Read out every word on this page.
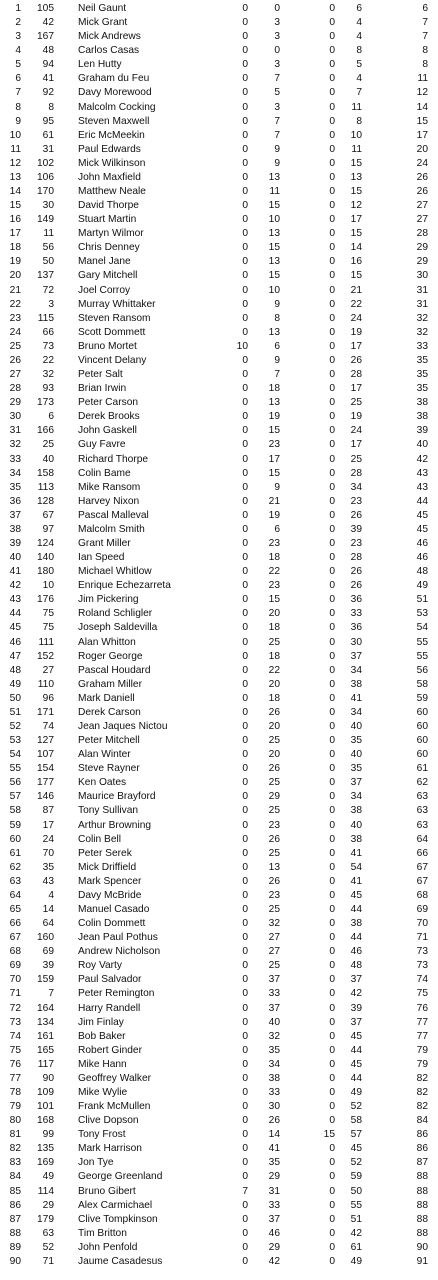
1	105 Neil Gaunt	0	0	0	6	6
2	42 Mick Grant	0	3	0	4	7
3	167 Mick Andrews	0	3	0	4	7
4	48 Carlos Casas	0	0	0	8	8
5	94 Len Hutty	0	3	0	5	8
6	41 Graham du Feu	0	7	0	4	11
7	92 Davy Morewood	0	5	0	7	12
8	8 Malcolm Cocking	0	3	0	11	14
9	95 Steven Maxwell	0	7	0	8	15
10	61 Eric McMeekin	0	7	0	10	17
11	31 Paul Edwards	0	9	0	11	20
12	102 Mick Wilkinson	0	9	0	15	24
13	106 John Maxfield	0	13	0	13	26
14	170 Matthew Neale	0	11	0	15	26
15	30 David Thorpe	0	15	0	12	27
16	149 Stuart Martin	0	10	0	17	27
17	11 Martyn Wilmor	0	13	0	15	28
18	56 Chris Denney	0	15	0	14	29
19	50 Manel Jane	0	13	0	16	29
20	137 Gary Mitchell	0	15	0	15	30
21	72 Joel Corroy	0	10	0	21	31
22	3 Murray Whittaker	0	9	0	22	31
23	115 Steven Ransom	0	8	0	24	32
24	66 Scott Dommett	0	13	0	19	32
25	73 Bruno Mortet	10	6	0	17	33
26	22 Vincent Delany	0	9	0	26	35
27	32 Peter Salt	0	7	0	28	35
28	93 Brian Irwin	0	18	0	17	35
29	173 Peter Carson	0	13	0	25	38
30	6 Derek Brooks	0	19	0	19	38
31	166 John Gaskell	0	15	0	24	39
32	25 Guy Favre	0	23	0	17	40
33	40 Richard Thorpe	0	17	0	25	42
34	158 Colin Bame	0	15	0	28	43
35	113 Mike Ransom	0	9	0	34	43
36	128 Harvey Nixon	0	21	0	23	44
37	67 Pascal Malleval	0	19	0	26	45
38	97 Malcolm Smith	0	6	0	39	45
39	124 Grant Miller	0	23	0	23	46
40	140 Ian Speed	0	18	0	28	46
41	180 Michael Whitlow	0	22	0	26	48
42	10 Enrique Echezarreta	0	23	0	26	49
43	176 Jim Pickering	0	15	0	36	51
44	75 Roland Schligler	0	20	0	33	53
45	75 Joseph Saldevilla	0	18	0	36	54
46	111 Alan Whitton	0	25	0	30	55
47	152 Roger George	0	18	0	37	55
48	27 Pascal Houdard	0	22	0	34	56
49	110 Graham Miller	0	20	0	38	58
50	96 Mark Daniell	0	18	0	41	59
51	171 Derek Carson	0	26	0	34	60
52	74 Jean Jaques Nictou	0	20	0	40	60
53	127 Peter Mitchell	0	25	0	35	60
54	107 Alan Winter	0	20	0	40	60
55	154 Steve Rayner	0	26	0	35	61
56	177 Ken Oates	0	25	0	37	62
57	146 Maurice Brayford	0	29	0	34	63
58	87 Tony Sullivan	0	25	0	38	63
59	17 Arthur Browning	0	23	0	40	63
60	24 Colin Bell	0	26	0	38	64
61	70 Peter Serek	0	25	0	41	66
62	35 Mick Driffield	0	13	0	54	67
63	43 Mark Spencer	0	26	0	41	67
64	4 Davy McBride	0	23	0	45	68
65	14 Manuel Casado	0	25	0	44	69
66	64 Colin Dommett	0	32	0	38	70
67	160 Jean Paul Pothus	0	27	0	44	71
68	69 Andrew Nicholson	0	27	0	46	73
69	39 Roy Varty	0	25	0	48	73
70	159 Paul Salvador	0	37	0	37	74
71	7 Peter Remington	0	33	0	42	75
72	164 Harry Randell	0	37	0	39	76
73	134 Jim Finlay	0	40	0	37	77
74	161 Bob Baker	0	32	0	45	77
75	165 Robert Ginder	0	35	0	44	79
76	117 Mike Hann	0	34	0	45	79
77	90 Geoffrey Walker	0	38	0	44	82
78	109 Mike Wylie	0	33	0	49	82
79	101 Frank McMullen	0	30	0	52	82
80	168 Clive Dopson	0	26	0	58	84
81	99 Tony Frost	0	14	15	57	86
82	135 Mark Harrison	0	41	0	45	86
83	169 Jon Tye	0	35	0	52	87
84	49 George Greenland	0	29	0	59	88
85	114 Bruno Gibert	7	31	0	50	88
86	29 Alex Carmichael	0	33	0	55	88
87	179 Clive Tompkinson	0	37	0	51	88
88	63 Tim Britton	0	46	0	42	88
89	52 John Penfold	0	29	0	61	90
90	71 Jaume Casadesus	0	42	0	49	91
